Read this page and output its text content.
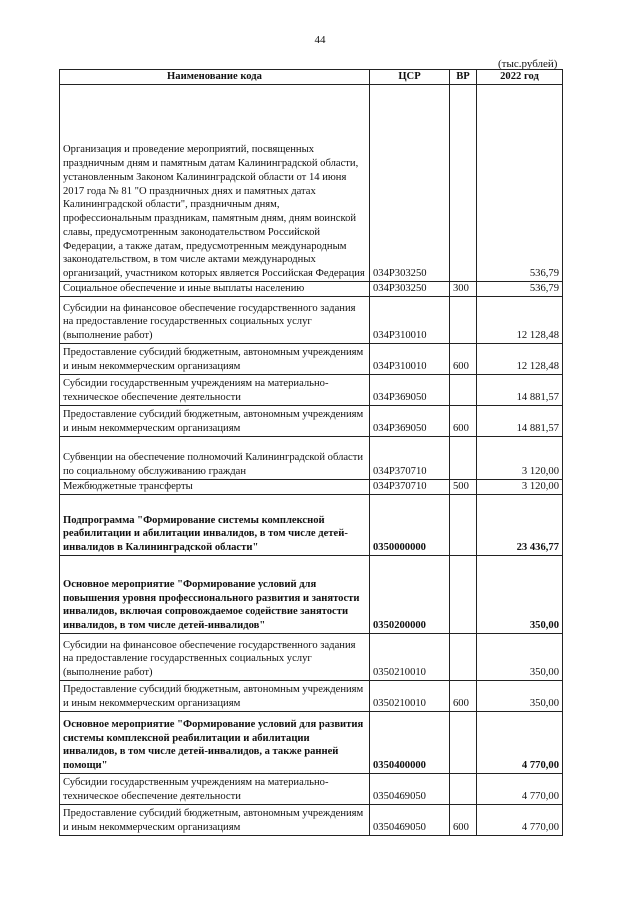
44
(тыс.рублей)
Наименование кода	ЦСР	ВР	2022 год
Организация и проведение мероприятий, посвященных праздничным дням и памятным датам Калининградской области, установленным Законом Калининградской области от 14 июня 2017 года № 81 "О праздничных днях и памятных датах Калининградской области", праздничным дням, профессиональным праздникам, памятным дням, дням воинской славы, предусмотренным законодательством Российской Федерации, а также датам, предусмотренным международным законодательством, в том числе актами международных организаций, участником которых является Российская Федерация	034P303250		536,79
Социальное обеспечение и иные выплаты населению	034P303250	300	536,79
Субсидии на финансовое обеспечение государственного задания на предоставление государственных социальных услуг (выполнение работ)	034P310010		12 128,48
Предоставление субсидий бюджетным, автономным учреждениям и иным некоммерческим организациям	034P310010	600	12 128,48
Субсидии государственным учреждениям на материально-техническое обеспечение деятельности	034P369050		14 881,57
Предоставление субсидий бюджетным, автономным учреждениям и иным некоммерческим организациям	034P369050	600	14 881,57
Субвенции на обеспечение полномочий Калининградской области по социальному обслуживанию граждан	034P370710		3 120,00
Межбюджетные трансферты	034P370710	500	3 120,00
Подпрограмма "Формирование системы комплексной реабилитации и абилитации инвалидов, в том числе детей-инвалидов в Калининградской области"	0350000000		23 436,77
Основное мероприятие "Формирование условий для повышения уровня профессионального развития и занятости инвалидов, включая сопровождаемое содействие занятости инвалидов, в том числе детей-инвалидов"	0350200000		350,00
Субсидии на финансовое обеспечение государственного задания на предоставление государственных социальных услуг (выполнение работ)	0350210010		350,00
Предоставление субсидий бюджетным, автономным учреждениям и иным некоммерческим организациям	0350210010	600	350,00
Основное мероприятие "Формирование условий для развития системы комплексной реабилитации и абилитации инвалидов, в том числе детей-инвалидов, а также ранней помощи"	0350400000		4 770,00
Субсидии государственным учреждениям на материально-техническое обеспечение деятельности	0350469050		4 770,00
Предоставление субсидий бюджетным, автономным учреждениям и иным некоммерческим организациям	0350469050	600	4 770,00
